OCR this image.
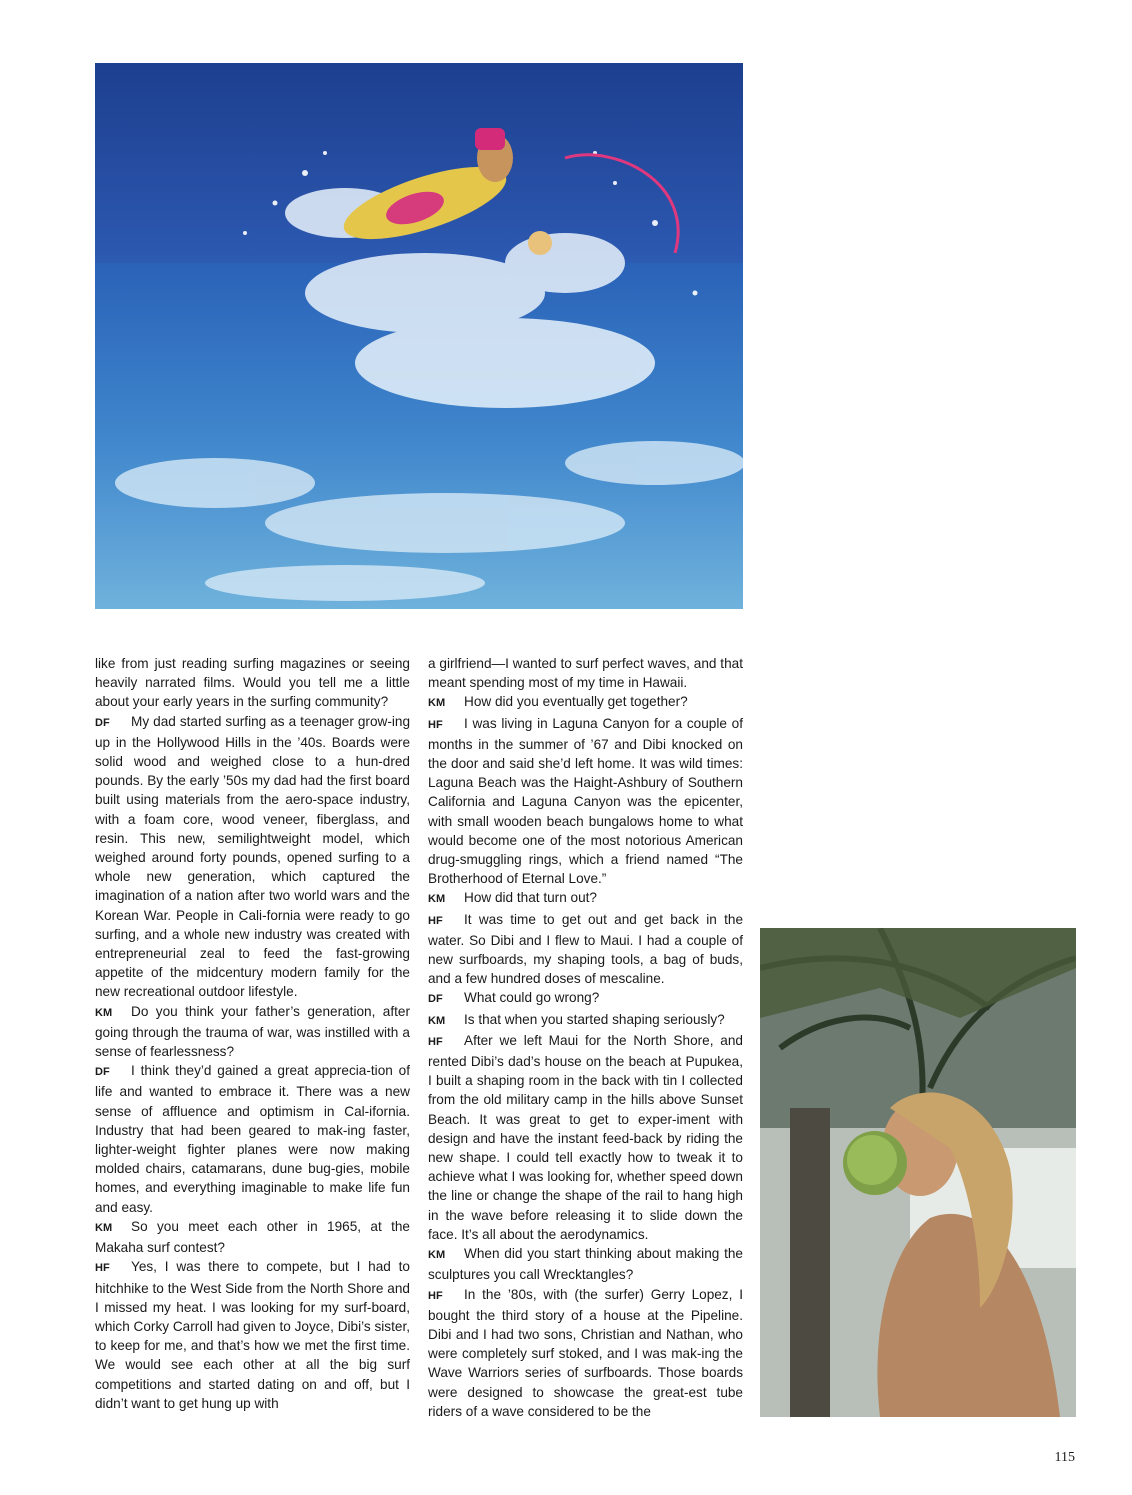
like from just reading surfing magazines or seeing heavily narrated films. Would you tell me a little about your early years in the surfing community?

DF My dad started surfing as a teenager grow-ing up in the Hollywood Hills in the ’40s. Boards were solid wood and weighed close to a hun-dred pounds. By the early ’50s my dad had the first board built using materials from the aero-space industry, with a foam core, wood veneer, fiberglass, and resin. This new, semilightweight model, which weighed around forty pounds, opened surfing to a whole new generation, which captured the imagination of a nation after two world wars and the Korean War. People in Cali-fornia were ready to go surfing, and a whole new industry was created with entrepreneurial zeal to feed the fast-growing appetite of the midcentury modern family for the new recreational outdoor lifestyle.

KM Do you think your father’s generation, after going through the trauma of war, was instilled with a sense of fearlessness?

DF I think they’d gained a great apprecia-tion of life and wanted to embrace it. There was a new sense of affluence and optimism in Cal-ifornia. Industry that had been geared to mak-ing faster, lighter-weight fighter planes were now making molded chairs, catamarans, dune bug-gies, mobile homes, and everything imaginable to make life fun and easy.

KM So you meet each other in 1965, at the Makaha surf contest?

HF Yes, I was there to compete, but I had to hitchhike to the West Side from the North Shore and I missed my heat. I was looking for my surf-board, which Corky Carroll had given to Joyce, Dibi’s sister, to keep for me, and that’s how we met the first time. We would see each other at all the big surf competitions and started dating on and off, but I didn’t want to get hung up with

a girlfriend—I wanted to surf perfect waves, and that meant spending most of my time in Hawaii.

KM How did you eventually get together?

HF I was living in Laguna Canyon for a couple of months in the summer of ’67 and Dibi knocked on the door and said she’d left home. It was wild times: Laguna Beach was the Haight-Ashbury of Southern California and Laguna Canyon was the epicenter, with small wooden beach bungalows home to what would become one of the most notorious American drug-smuggling rings, which a friend named “The Brotherhood of Eternal Love.”

KM How did that turn out?

HF It was time to get out and get back in the water. So Dibi and I flew to Maui. I had a couple of new surfboards, my shaping tools, a bag of buds, and a few hundred doses of mescaline.

DF What could go wrong?

KM Is that when you started shaping seriously?

HF After we left Maui for the North Shore, and rented Dibi’s dad’s house on the beach at Pupukea, I built a shaping room in the back with tin I collected from the old military camp in the hills above Sunset Beach. It was great to get to exper-iment with design and have the instant feed-back by riding the new shape. I could tell exactly how to tweak it to achieve what I was looking for, whether speed down the line or change the shape of the rail to hang high in the wave before releasing it to slide down the face. It’s all about the aerodynamics.

KM When did you start thinking about making the sculptures you call Wrecktangles?

HF In the ’80s, with (the surfer) Gerry Lopez, I bought the third story of a house at the Pipeline. Dibi and I had two sons, Christian and Nathan, who were completely surf stoked, and I was mak-ing the Wave Warriors series of surfboards. Those boards were designed to showcase the great-est tube riders of a wave considered to be the

115
